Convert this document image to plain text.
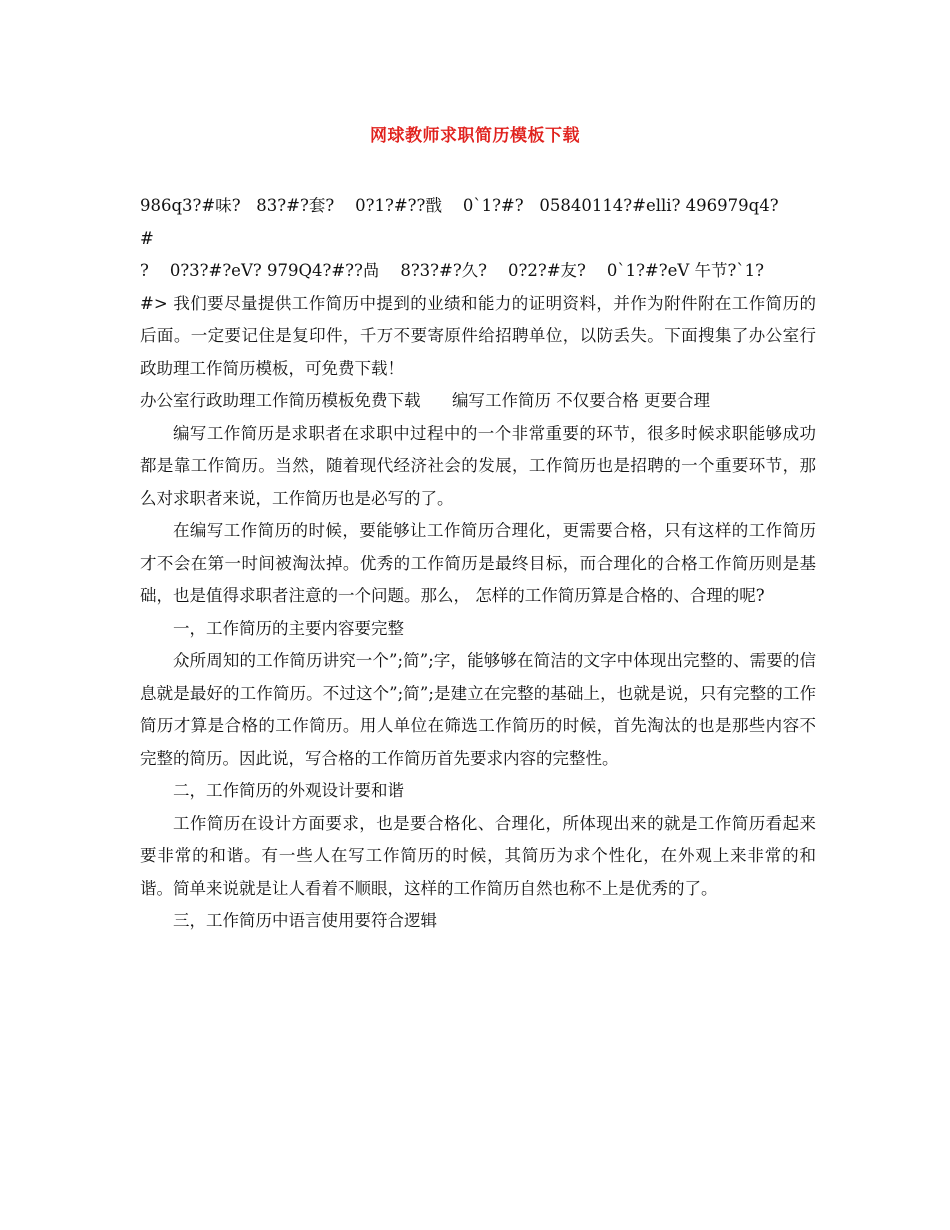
网球教师求职简历模板下载
986q3?#味?   83?#?套?    0?1?#??戬    0`1?#?   05840114?#elli? 496979q4?
#
?    0?3?#?eV? 979Q4?#??咼    8?3?#?久?    0?2?#友?    0`1?#?eV 午节?`1?
#> 我们要尽量提供工作简历中提到的业绩和能力的证明资料，并作为附件附在工作简历的后面。一定要记住是复印件，千万不要寄原件给招聘单位，以防丢失。下面搜集了办公室行政助理工作简历模板，可免费下载！
办公室行政助理工作简历模板免费下载      编写工作简历 不仅要合格 更要合理
编写工作简历是求职者在求职中过程中的一个非常重要的环节，很多时候求职能够成功都是靠工作简历。当然，随着现代经济社会的发展，工作简历也是招聘的一个重要环节，那么对求职者来说，工作简历也是必写的了。
在编写工作简历的时候，要能够让工作简历合理化，更需要合格，只有这样的工作简历才不会在第一时间被淘汰掉。优秀的工作简历是最终目标，而合理化的合格工作简历则是基础，也是值得求职者注意的一个问题。那么， 怎样的工作简历算是合格的、合理的呢?
一，工作简历的主要内容要完整
众所周知的工作简历讲究一个”;简”;字，能够够在简洁的文字中体现出完整的、需要的信息就是最好的工作简历。不过这个”;简”;是建立在完整的基础上，也就是说，只有完整的工作简历才算是合格的工作简历。用人单位在筛选工作简历的时候，首先淘汰的也是那些内容不完整的简历。因此说，写合格的工作简历首先要求内容的完整性。
二，工作简历的外观设计要和谐
工作简历在设计方面要求，也是要合格化、合理化，所体现出来的就是工作简历看起来要非常的和谐。有一些人在写工作简历的时候，其简历为求个性化，在外观上来非常的和谐。简单来说就是让人看着不顺眼，这样的工作简历自然也称不上是优秀的了。
三，工作简历中语言使用要符合逻辑
